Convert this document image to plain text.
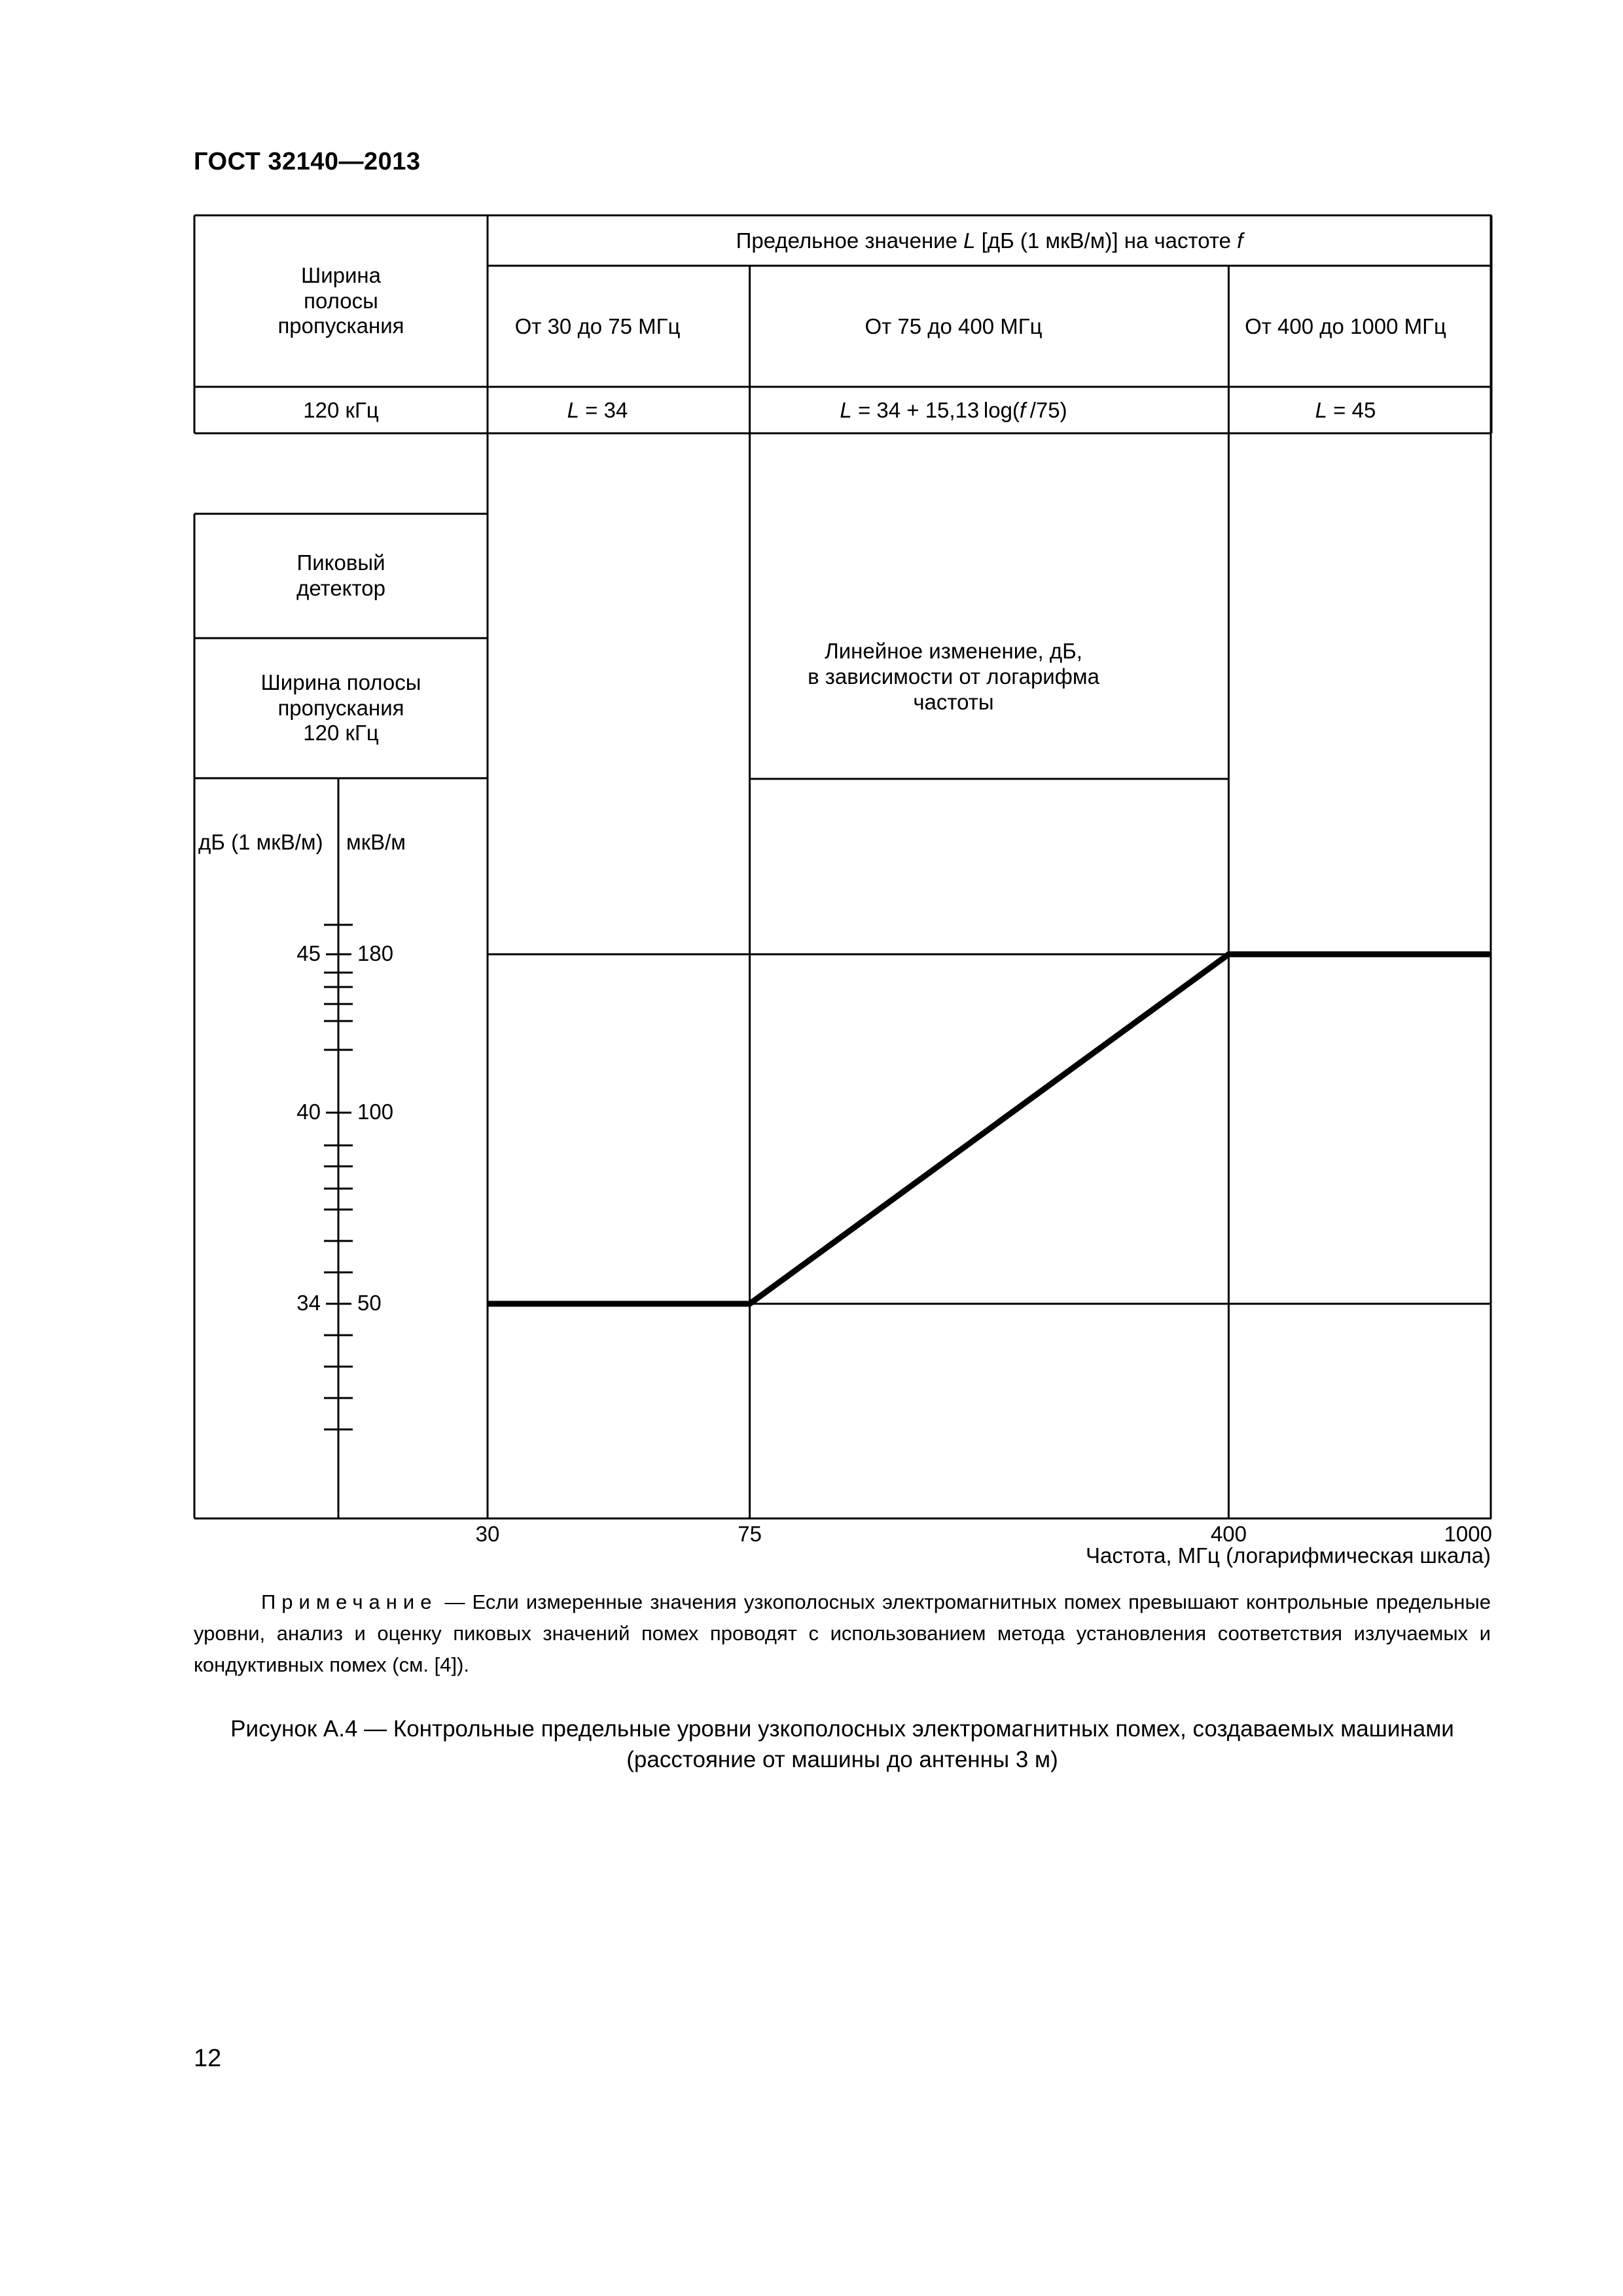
ГОСТ 32140—2013
Ширина
полосы
пропускания
Предельное значение L [дБ (1 мкВ/м)] на частоте f
От 30 до 75 МГц	От 75 до 400 МГц	От 400 до 1000 МГц
120 кГц	L = 34	L = 34 + 15,13 log(f /75)	L = 45
Пиковый
детектор
Ширина полосы
пропускания
120 кГц
дБ (1 мкВ/м) мкВ/м
Линейное изменение, дБ,
в зависимости от логарифма
частоты
45
40
34
180
100
50
30	75	400	1000
Частота, МГц (логарифмическая шкала)
Примечание — Если измеренные значения узкополосных электромагнитных помех превышают контрольные предельные уровни, анализ и оценку пиковых значений помех проводят с использованием метода установления соответствия излучаемых и кондуктивных помех (см. [4]).
Рисунок А.4 — Контрольные предельные уровни узкополосных электромагнитных помех, создаваемых машинами (расстояние от машины до антенны 3 м)
12
